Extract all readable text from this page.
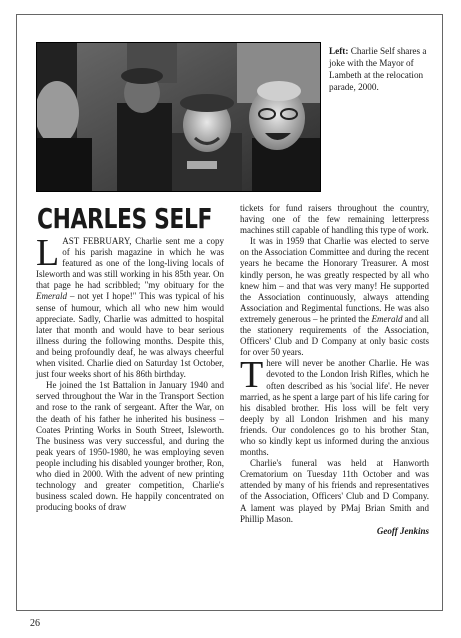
Left: Charlie Self shares a joke with the Mayor of Lambeth at the relocation parade, 2000.
CHARLES SELF

LAST FEBRUARY, Charlie sent me a copy of his parish magazine in which he was featured as one of the long-living locals of Isleworth and was still working in his 85th year. On that page he had scribbled; "my obituary for the Emerald – not yet I hope!" This was typical of his sense of humour, which all who new him would appreciate. Sadly, Charlie was admitted to hospital later that month and would have to bear serious illness during the following months. Despite this, and being profoundly deaf, he was always cheerful when visited. Charlie died on Saturday 1st October, just four weeks short of his 86th birthday.

He joined the 1st Battalion in January 1940 and served throughout the War in the Transport Section and rose to the rank of sergeant. After the War, on the death of his father he inherited his business – Coates Printing Works in South Street, Isleworth. The business was very successful, and during the peak years of 1950-1980, he was employing seven people including his disabled younger brother, Ron, who died in 2000. With the advent of new printing technology and greater competition, Charlie's business scaled down. He happily concentrated on producing books of draw

tickets for fund raisers throughout the country, having one of the few remaining letterpress machines still capable of handling this type of work.

It was in 1959 that Charlie was elected to serve on the Association Committee and during the recent years he became the Honorary Treasurer. A most kindly person, he was greatly respected by all who knew him – and that was very many! He supported the Association continuously, always attending Association and Regimental functions. He was also extremely generous – he printed the Emerald and all the stationery requirements of the Association, Officers' Club and D Company at only basic costs for over 50 years.

There will never be another Charlie. He was devoted to the London Irish Rifles, which he often described as his 'social life'. He never married, as he spent a large part of his life caring for his disabled brother. His loss will be felt very deeply by all London Irishmen and his many friends. Our condolences go to his brother Stan, who so kindly kept us informed during the anxious months.

Charlie's funeral was held at Hanworth Crematorium on Tuesday 11th October and was attended by many of his friends and representatives of the Association, Officers' Club and D Company. A lament was played by PMaj Brian Smith and Phillip Mason.

Geoff Jenkins
26
